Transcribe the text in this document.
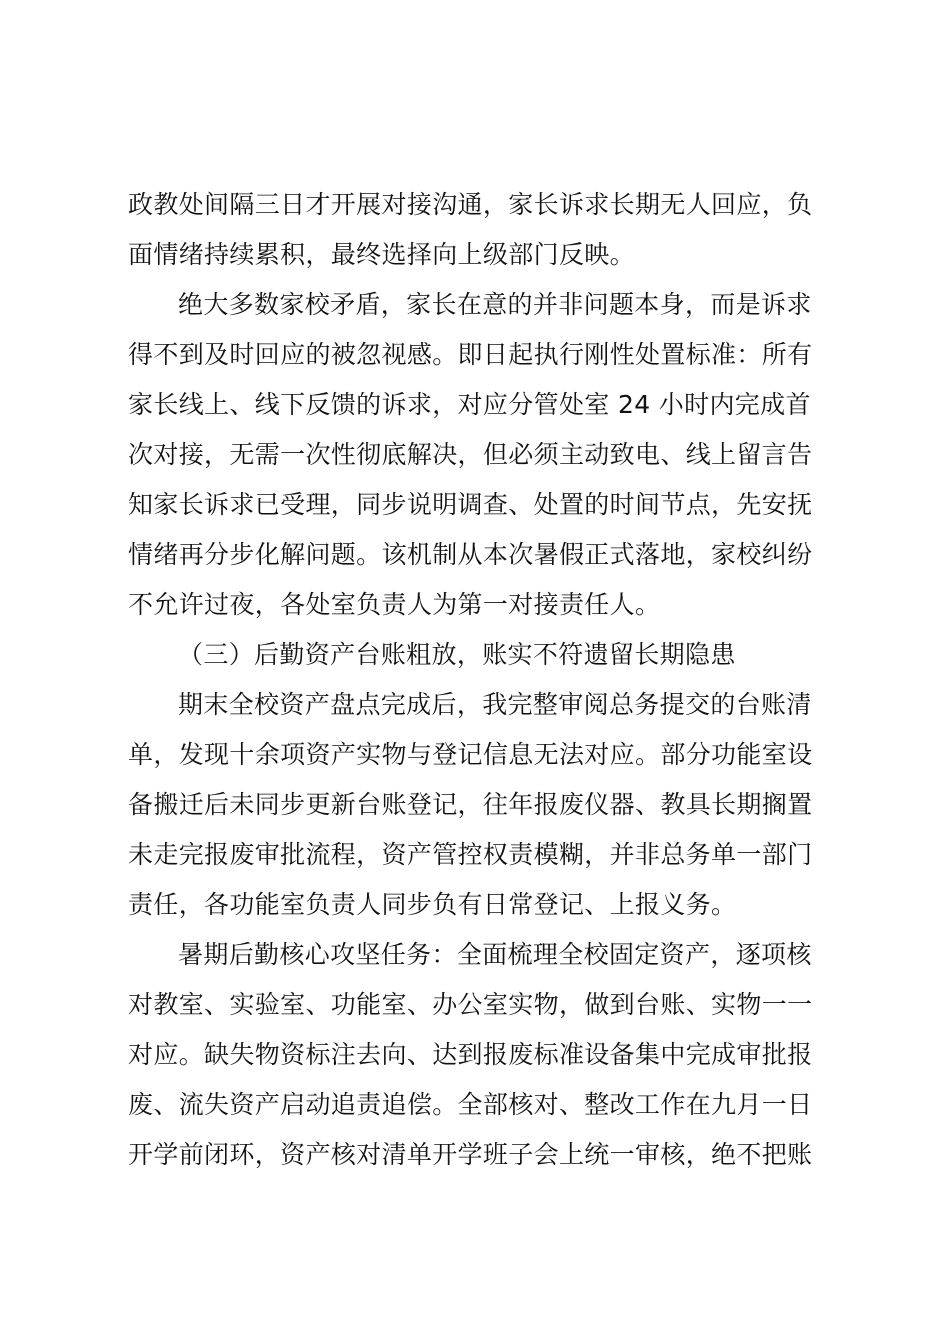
政教处间隔三日才开展对接沟通，家长诉求长期无人回应，负
面情绪持续累积，最终选择向上级部门反映。
绝大多数家校矛盾，家长在意的并非问题本身，而是诉求
得不到及时回应的被忽视感。即日起执行刚性处置标准：所有
家长线上、线下反馈的诉求，对应分管处室 24 小时内完成首
次对接，无需一次性彻底解决，但必须主动致电、线上留言告
知家长诉求已受理，同步说明调查、处置的时间节点，先安抚
情绪再分步化解问题。该机制从本次暑假正式落地，家校纠纷
不允许过夜，各处室负责人为第一对接责任人。
（三）后勤资产台账粗放，账实不符遗留长期隐患
期末全校资产盘点完成后，我完整审阅总务提交的台账清
单，发现十余项资产实物与登记信息无法对应。部分功能室设
备搬迁后未同步更新台账登记，往年报废仪器、教具长期搁置
未走完报废审批流程，资产管控权责模糊，并非总务单一部门
责任，各功能室负责人同步负有日常登记、上报义务。
暑期后勤核心攻坚任务：全面梳理全校固定资产，逐项核
对教室、实验室、功能室、办公室实物，做到台账、实物一一
对应。缺失物资标注去向、达到报废标准设备集中完成审批报
废、流失资产启动追责追偿。全部核对、整改工作在九月一日
开学前闭环，资产核对清单开学班子会上统一审核，绝不把账
